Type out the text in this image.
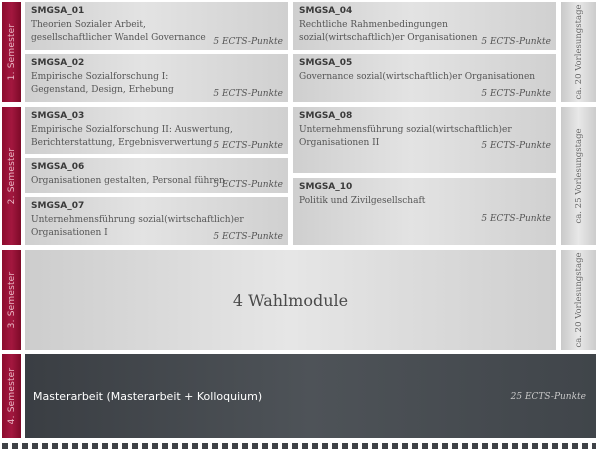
1. Semester
2. Semester
3. Semester
4. Semester
SMGSA_01
Theorien Sozialer Arbeit,
gesellschaftlicher Wandel Governance 5 ECTS-Punkte
SMGSA_02
Empirische Sozialforschung I:
Gegenstand, Design, Erhebung	5 ECTS-Punkte
SMGSA_04
Rechtliche Rahmenbedingungen
sozial(wirtschaftlich)er Organisationen 5 ECTS-Punkte
SMGSA_05
Governance sozial(wirtschaftlich)er Organisationen
5 ECTS-Punkte	ca. 20 Vorlesungstage
SMGSA_03
Empirische Sozialforschung II: Auswertung,
Berichterstattung, Ergebnisverwertung 5 ECTS-Punkte
SMGSA_06
Organisationen gestalten, Personal führen
5 ECTS-Punkte
SMGSA_07
Unternehmensführung sozial(wirtschaftlich)er
Organisationen I	5 ECTS-Punkte
SMGSA_08
Unternehmensführung sozial(wirtschaftlich)er
Organisationen II	5 ECTS-Punkte
SMGSA_10
Politik und Zivilgesellschaft
5 ECTS-Punkte	ca. 25 Vorlesungstage
4 Wahlmodule	ca. 20 Vorlesungstage
Masterarbeit (Masterarbeit + Kolloquium)	25 ECTS-Punkte
